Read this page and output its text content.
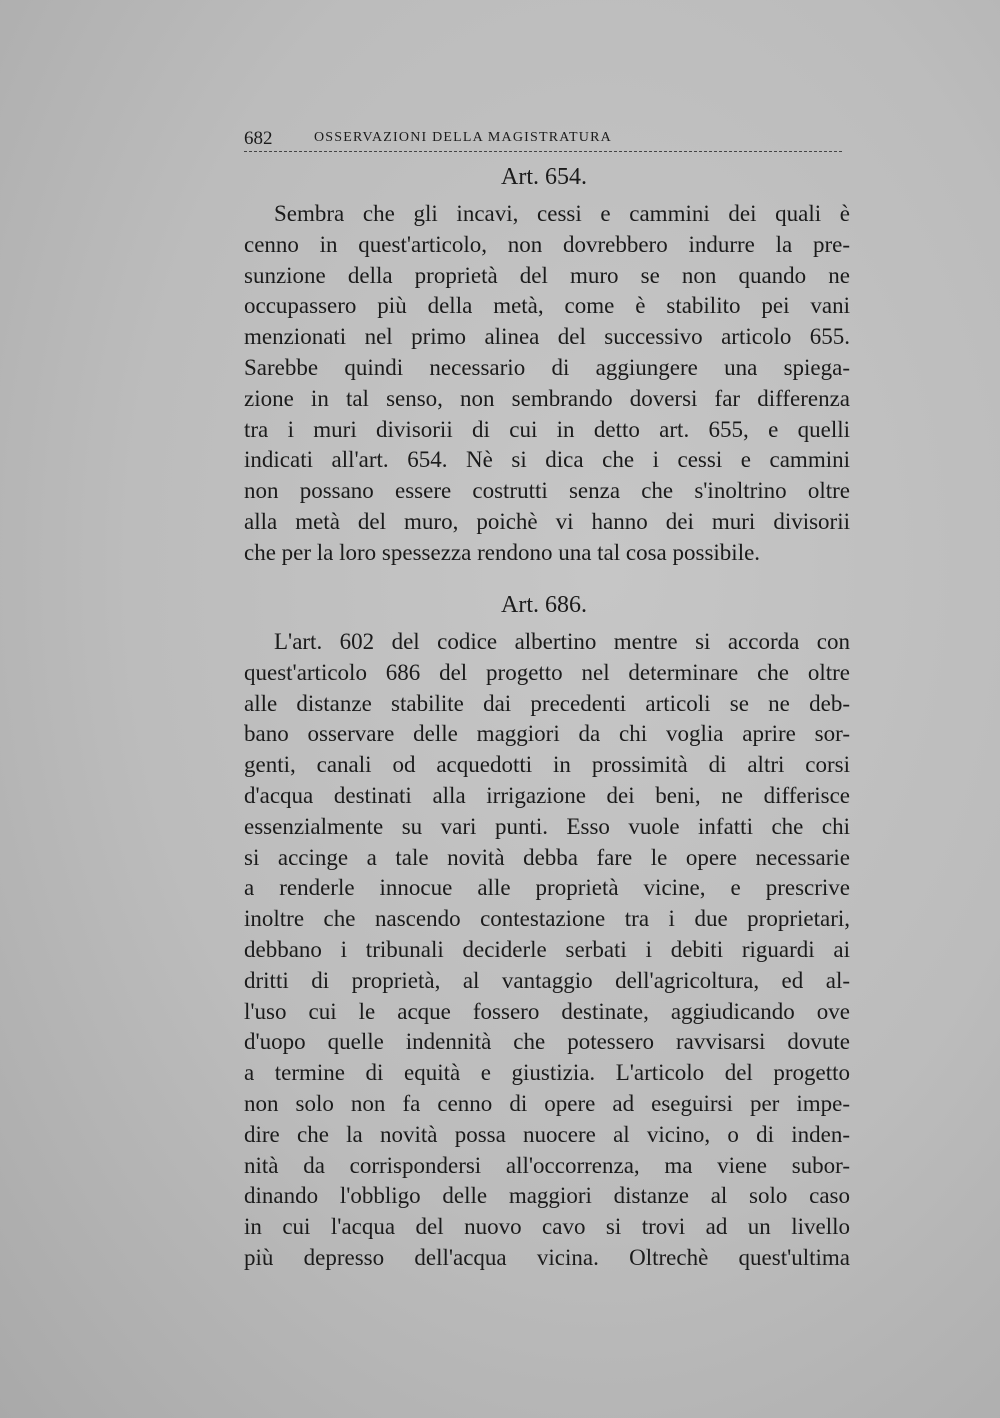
682	OSSERVAZIONI DELLA MAGISTRATURA
Art. 654.
Sembra che gli incavi, cessi e cammini dei quali è
cenno in quest'articolo, non dovrebbero indurre la pre-
sunzione della proprietà del muro se non quando ne
occupassero più della metà, come è stabilito pei vani
menzionati nel primo alinea del successivo articolo 655.
Sarebbe quindi necessario di aggiungere una spiega-
zione in tal senso, non sembrando doversi far differenza
tra i muri divisorii di cui in detto art. 655, e quelli
indicati all'art. 654. Nè si dica che i cessi e cammini
non possano essere costrutti senza che s'inoltrino oltre
alla metà del muro, poichè vi hanno dei muri divisorii
che per la loro spessezza rendono una tal cosa possibile.
Art. 686.
L'art. 602 del codice albertino mentre si accorda con
quest'articolo 686 del progetto nel determinare che oltre
alle distanze stabilite dai precedenti articoli se ne deb-
bano osservare delle maggiori da chi voglia aprire sor-
genti, canali od acquedotti in prossimità di altri corsi
d'acqua destinati alla irrigazione dei beni, ne differisce
essenzialmente su vari punti. Esso vuole infatti che chi
si accinge a tale novità debba fare le opere necessarie
a renderle innocue alle proprietà vicine, e prescrive
inoltre che nascendo contestazione tra i due proprietari,
debbano i tribunali deciderle serbati i debiti riguardi ai
dritti di proprietà, al vantaggio dell'agricoltura, ed al-
l'uso cui le acque fossero destinate, aggiudicando ove
d'uopo quelle indennità che potessero ravvisarsi dovute
a termine di equità e giustizia. L'articolo del progetto
non solo non fa cenno di opere ad eseguirsi per impe-
dire che la novità possa nuocere al vicino, o di inden-
nità da corrispondersi all'occorrenza, ma viene subor-
dinando l'obbligo delle maggiori distanze al solo caso
in cui l'acqua del nuovo cavo si trovi ad un livello
più depresso dell'acqua vicina. Oltrechè quest'ultima
